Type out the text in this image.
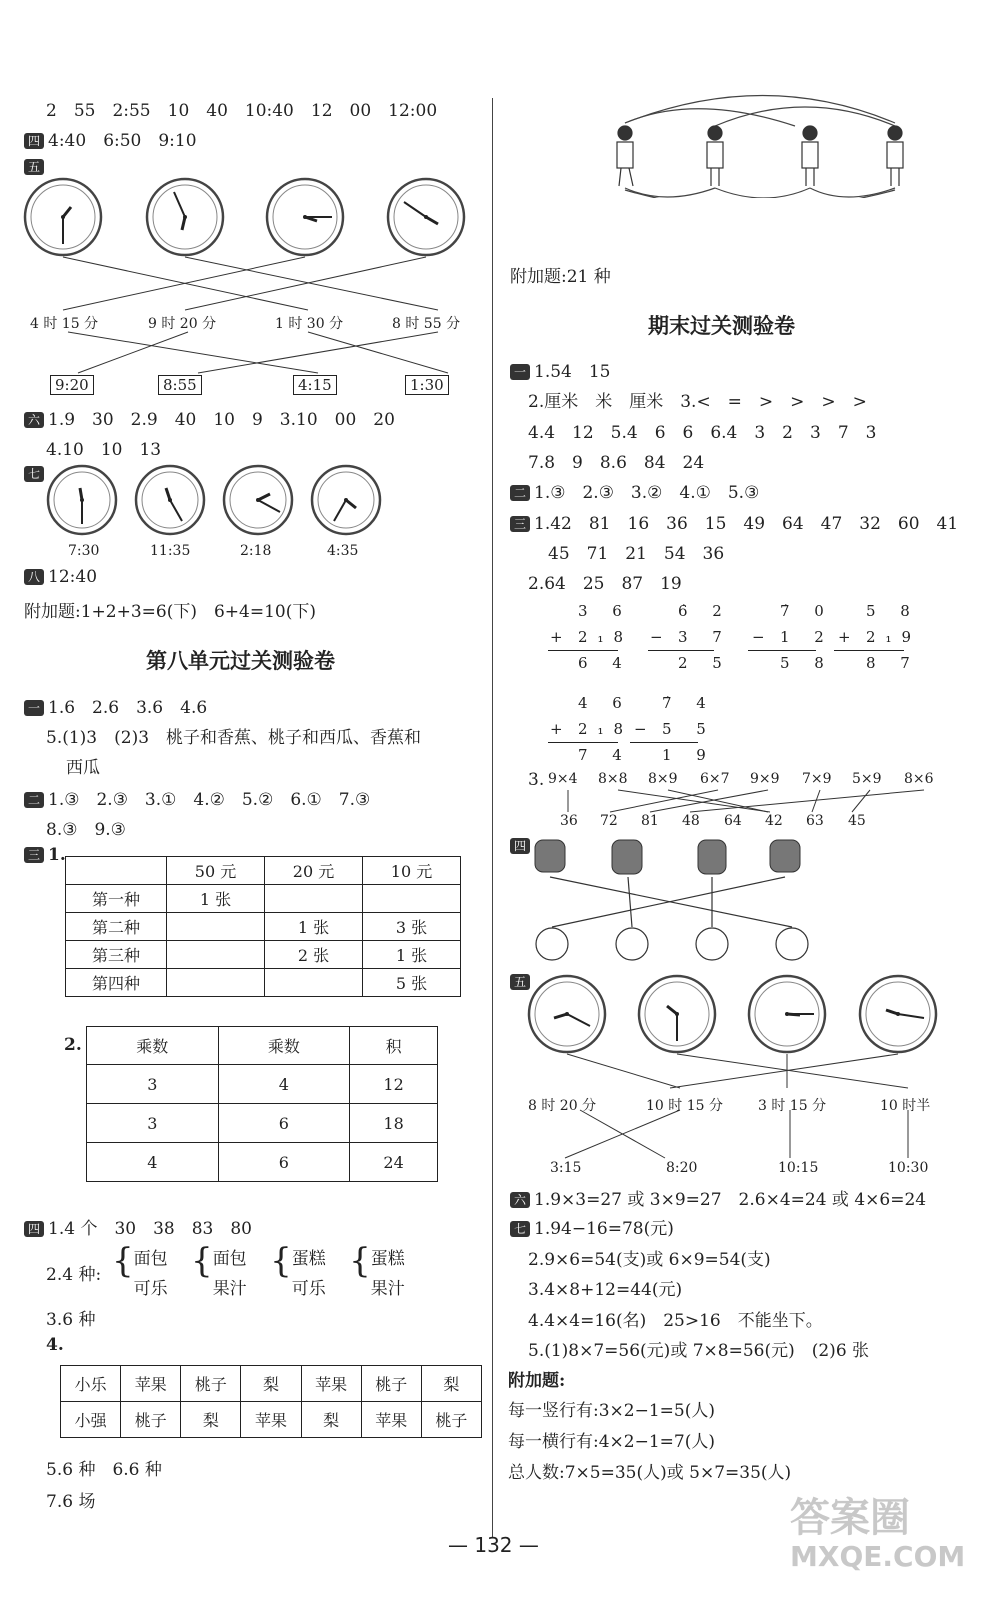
2　55　2:55　10　40　10:40　12　00　12:00
四 4:40　6:50　9:10
五
4 时 15 分	9 时 20 分	1 时 30 分	8 时 55 分
9:20	8:55	4:15	1:30
六 1.9　30　2.9　40　10　9　3.10　00　20
4.10　10　13
七
7:30	11:35	2:18	4:35
八 12:40
附加题:1+2+3=6(下)　6+4=10(下)
第八单元过关测验卷
一 1.6　2.6　3.6　4.6
5.(1)3　(2)3　桃子和香蕉、桃子和西瓜、香蕉和
西瓜
二 1.③　2.③　3.①　4.②　5.②　6.①　7.③
8.③　9.③
三 1.
	50 元	20 元	10 元
第一种	1 张		
第二种		1 张	3 张
第三种		2 张	1 张
第四种			5 张
2.	乘数	乘数	积
3	4	12
3	6	18
4	6	24
四 1.4 个　30　38　83　80
2.4 种: {面包
可乐 {面包
果汁 {蛋糕
可乐 {蛋糕
果汁
3.6 种
4.
小乐	苹果	桃子	梨	苹果	桃子	梨
小强	桃子	梨	苹果	梨	苹果	桃子
5.6 种　6.6 种
7.6 场
附加题:21 种
期末过关测验卷
一 1.54　15
2.厘米　米　厘米　3.<　=　>　>　>　>
4.4　12　5.4　6　6　6.4　3　2　3　7　3
7.8　9　8.6　84　24
二 1.③　2.③　3.②　4.①　5.③
三 1.42　81　16　36　15　49　64　47　32　60　41
45　71　21　54　36
2.64　25　87　19
3 6
+ 2₁8
6 4
6̇ 2
− 3 7
2 5
7̇ 0
− 1 2
5 8
5 8
+ 2₁9
8 7
4 6
+ 2₁8
7 4
7̇ 4
− 5 5
1 9
3. 9×4 8×8 8×9 6×7 9×9 7×9 5×9 8×6
36 72 81 48 64 42 63 45
四
五
8 时 20 分	10 时 15 分	3 时 15 分	10 时半
3:15	8:20	10:15	10:30
六 1.9×3=27 或 3×9=27　2.6×4=24 或 4×6=24
七 1.94−16=78(元)
2.9×6=54(支)或 6×9=54(支)
3.4×8+12=44(元)
4.4×4=16(名)　25>16　不能坐下。
5.(1)8×7=56(元)或 7×8=56(元)　(2)6 张
附加题:
每一竖行有:3×2−1=5(人)
每一横行有:4×2−1=7(人)
总人数:7×5=35(人)或 5×7=35(人)
— 132 —
答案圈
MXQE.COM
